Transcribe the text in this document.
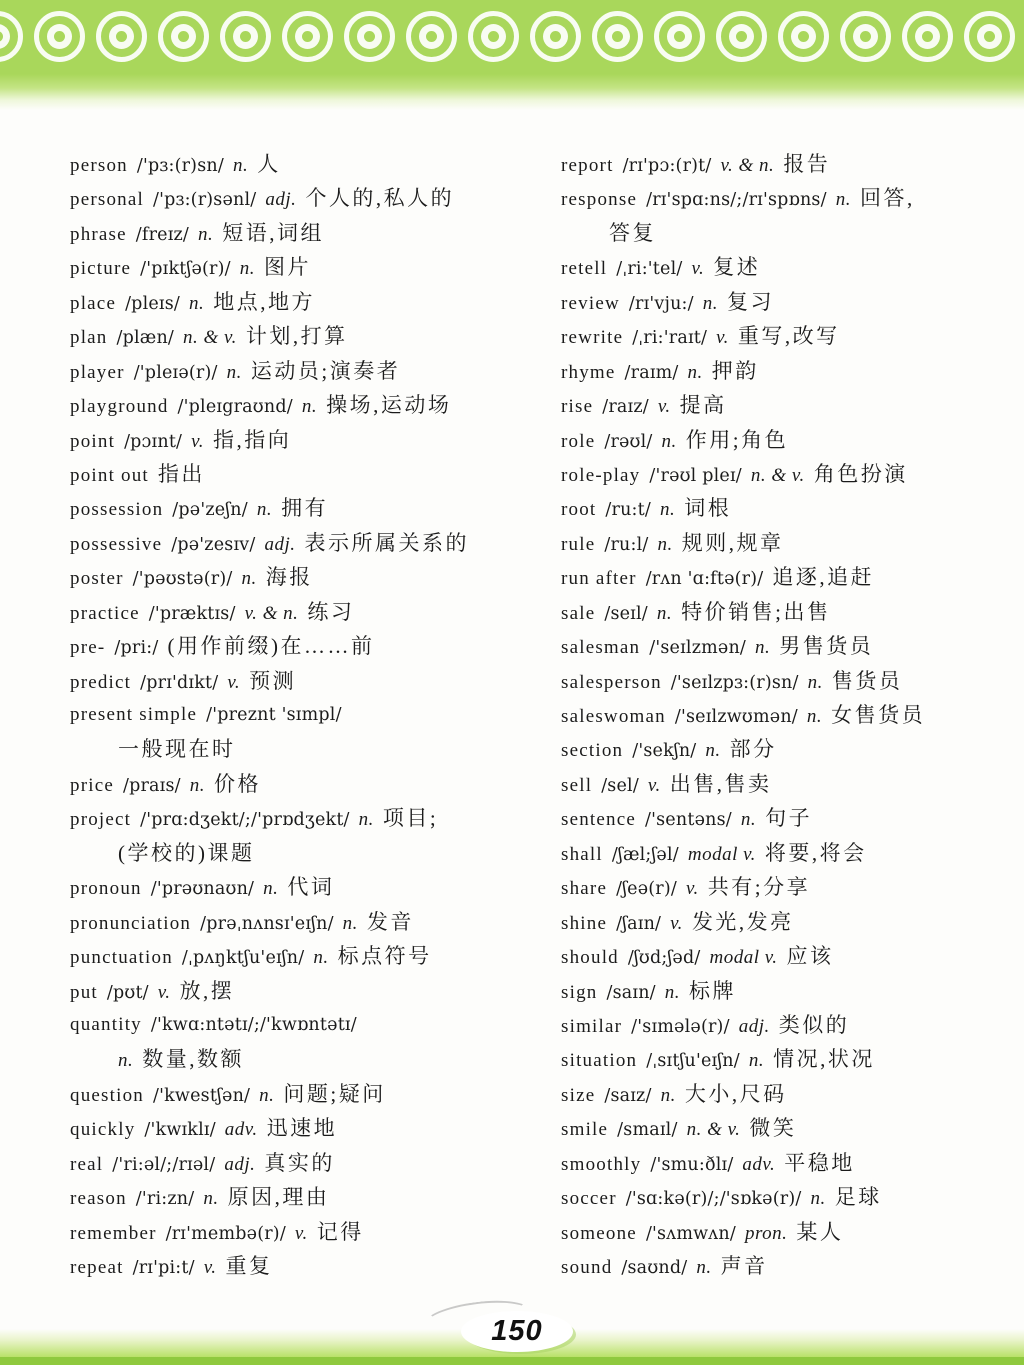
person /'pɜ:(r)sn/ n. 人
personal /'pɜ:(r)sənl/ adj. 个人的,私人的
phrase /freɪz/ n. 短语,词组
picture /'pɪktʃə(r)/ n. 图片
place /pleɪs/ n. 地点,地方
plan /plæn/ n. & v. 计划,打算
player /'pleɪə(r)/ n. 运动员;演奏者
playground /'pleɪgraʊnd/ n. 操场,运动场
point /pɔɪnt/ v. 指,指向
point out 指出
possession /pə'zeʃn/ n. 拥有
possessive /pə'zesɪv/ adj. 表示所属关系的
poster /'pəʊstə(r)/ n. 海报
practice /'præktɪs/ v. & n. 练习
pre- /pri:/ (用作前缀)在……前
predict /prɪ'dɪkt/ v. 预测
present simple /'preznt 'sɪmpl/
一般现在时
price /praɪs/ n. 价格
project /'prɑ:dʒekt/;/'prɒdʒekt/ n. 项目;
(学校的)课题
pronoun /'prəʊnaʊn/ n. 代词
pronunciation /prəˌnʌnsɪ'eɪʃn/ n. 发音
punctuation /ˌpʌŋktʃu'eɪʃn/ n. 标点符号
put /pʊt/ v. 放,摆
quantity /'kwɑ:ntətɪ/;/'kwɒntətɪ/
n. 数量,数额
question /'kwestʃən/ n. 问题;疑问
quickly /'kwɪklɪ/ adv. 迅速地
real /'ri:əl/;/rɪəl/ adj. 真实的
reason /'ri:zn/ n. 原因,理由
remember /rɪ'membə(r)/ v. 记得
repeat /rɪ'pi:t/ v. 重复
report /rɪ'pɔ:(r)t/ v. & n. 报告
response /rɪ'spɑ:ns/;/rɪ'spɒns/ n. 回答,
答复
retell /ˌri:'tel/ v. 复述
review /rɪ'vju:/ n. 复习
rewrite /ˌri:'raɪt/ v. 重写,改写
rhyme /raɪm/ n. 押韵
rise /raɪz/ v. 提高
role /rəʊl/ n. 作用;角色
role-play /'rəʊl pleɪ/ n. & v. 角色扮演
root /ru:t/ n. 词根
rule /ru:l/ n. 规则,规章
run after /rʌn 'ɑ:ftə(r)/ 追逐,追赶
sale /seɪl/ n. 特价销售;出售
salesman /'seɪlzmən/ n. 男售货员
salesperson /'seɪlzpɜ:(r)sn/ n. 售货员
saleswoman /'seɪlzwʊmən/ n. 女售货员
section /'sekʃn/ n. 部分
sell /sel/ v. 出售,售卖
sentence /'sentəns/ n. 句子
shall /ʃæl;ʃəl/ modal v. 将要,将会
share /ʃeə(r)/ v. 共有;分享
shine /ʃaɪn/ v. 发光,发亮
should /ʃʊd;ʃəd/ modal v. 应该
sign /saɪn/ n. 标牌
similar /'sɪmələ(r)/ adj. 类似的
situation /ˌsɪtʃu'eɪʃn/ n. 情况,状况
size /saɪz/ n. 大小,尺码
smile /smaɪl/ n. & v. 微笑
smoothly /'smu:ðlɪ/ adv. 平稳地
soccer /'sɑ:kə(r)/;/'sɒkə(r)/ n. 足球
someone /'sʌmwʌn/ pron. 某人
sound /saʊnd/ n. 声音
150
